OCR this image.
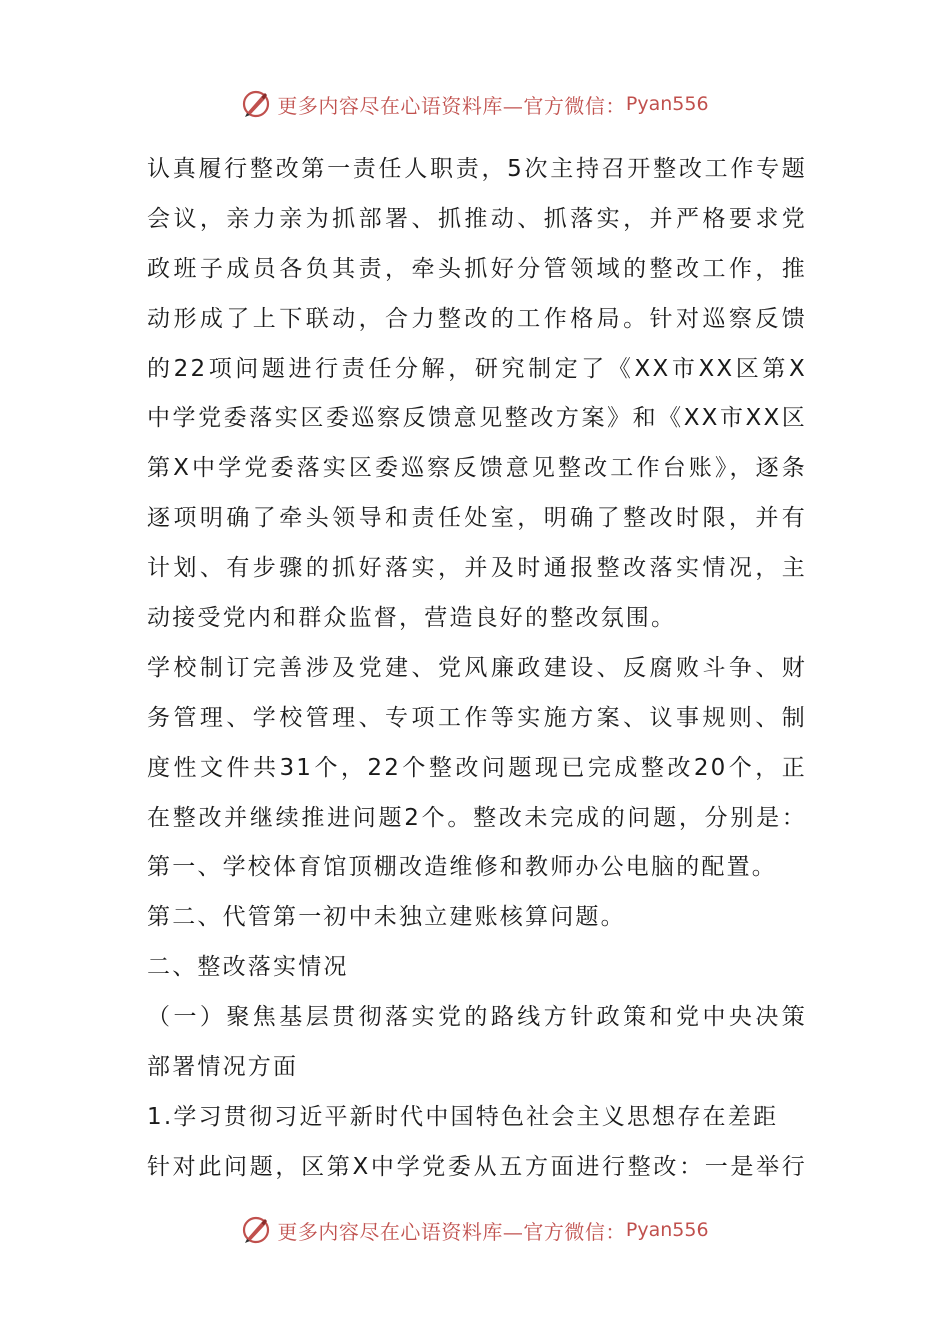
更多内容尽在心语资料库—官方微信： Pyan556
认真履行整改第一责任人职责，5次主持召开整改工作专题
会议，亲力亲为抓部署、抓推动、抓落实，并严格要求党
政班子成员各负其责，牵头抓好分管领域的整改工作，推
动形成了上下联动，合力整改的工作格局。针对巡察反馈
的22项问题进行责任分解，研究制定了《XX市XX区第X
中学党委落实区委巡察反馈意见整改方案》和《XX市XX区
第X中学党委落实区委巡察反馈意见整改工作台账》，逐条
逐项明确了牵头领导和责任处室，明确了整改时限，并有
计划、有步骤的抓好落实，并及时通报整改落实情况，主
动接受党内和群众监督，营造良好的整改氛围。
学校制订完善涉及党建、党风廉政建设、反腐败斗争、财
务管理、学校管理、专项工作等实施方案、议事规则、制
度性文件共31个，22个整改问题现已完成整改20个，正
在整改并继续推进问题2个。整改未完成的问题，分别是：
第一、学校体育馆顶棚改造维修和教师办公电脑的配置。
第二、代管第一初中未独立建账核算问题。
二、整改落实情况
（一）聚焦基层贯彻落实党的路线方针政策和党中央决策
部署情况方面
1.学习贯彻习近平新时代中国特色社会主义思想存在差距
针对此问题，区第X中学党委从五方面进行整改：一是举行
更多内容尽在心语资料库—官方微信： Pyan556
